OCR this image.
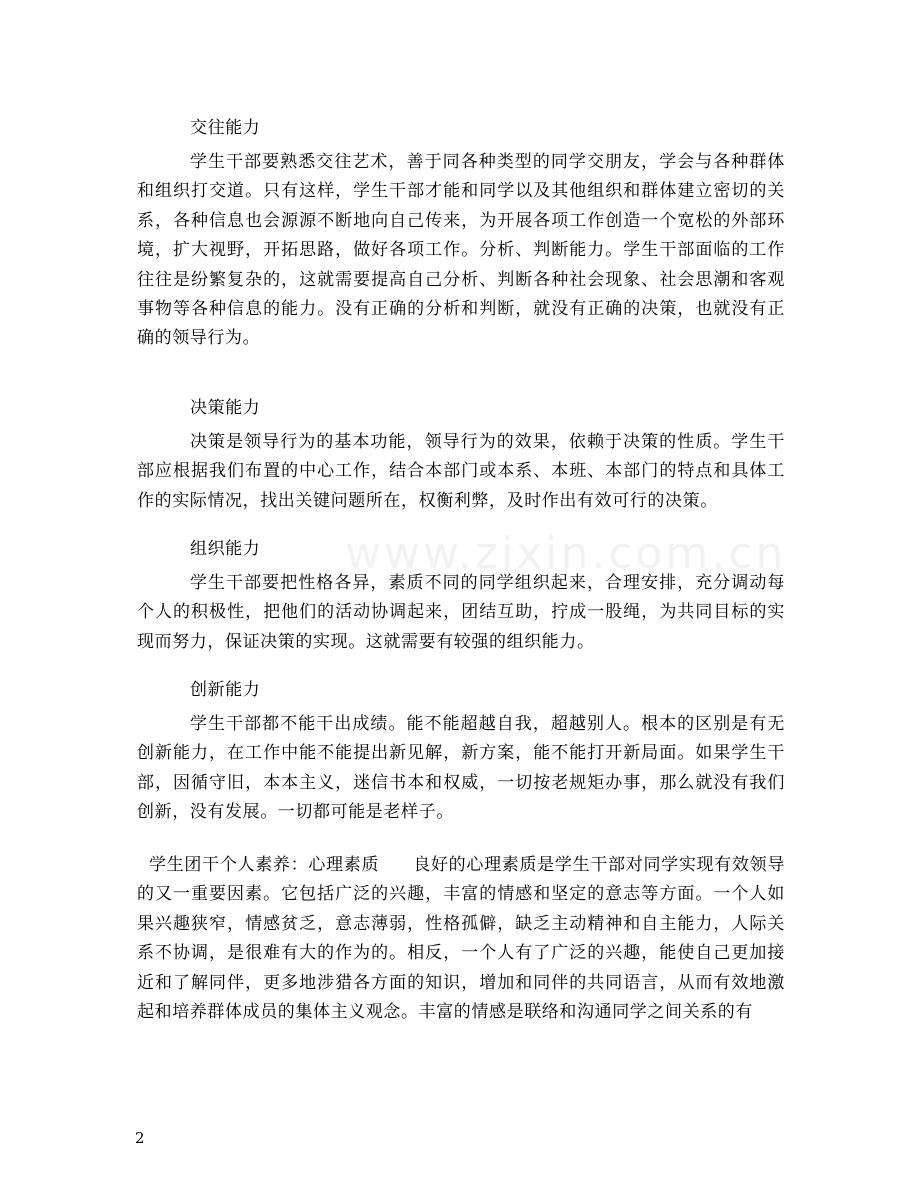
www.zixin.com.cn

交往能力

学生干部要熟悉交往艺术，善于同各种类型的同学交朋友，学会与各种群体和组织打交道。只有这样，学生干部才能和同学以及其他组织和群体建立密切的关系，各种信息也会源源不断地向自己传来，为开展各项工作创造一个宽松的外部环境，扩大视野，开拓思路，做好各项工作。分析、判断能力。学生干部面临的工作往往是纷繁复杂的，这就需要提高自己分析、判断各种社会现象、社会思潮和客观事物等各种信息的能力。没有正确的分析和判断，就没有正确的决策，也就没有正确的领导行为。

决策能力

决策是领导行为的基本功能，领导行为的效果，依赖于决策的性质。学生干部应根据我们布置的中心工作，结合本部门或本系、本班、本部门的特点和具体工作的实际情况，找出关键问题所在，权衡利弊，及时作出有效可行的决策。

组织能力

学生干部要把性格各异，素质不同的同学组织起来，合理安排，充分调动每个人的积极性，把他们的活动协调起来，团结互助，拧成一股绳，为共同目标的实现而努力，保证决策的实现。这就需要有较强的组织能力。

创新能力

学生干部都不能干出成绩。能不能超越自我，超越别人。根本的区别是有无创新能力，在工作中能不能提出新见解，新方案，能不能打开新局面。如果学生干部，因循守旧，本本主义，迷信书本和权威，一切按老规矩办事，那么就没有我们创新，没有发展。一切都可能是老样子。

学生团干个人素养：心理素质 良好的心理素质是学生干部对同学实现有效领导的又一重要因素。它包括广泛的兴趣，丰富的情感和坚定的意志等方面。一个人如果兴趣狭窄，情感贫乏，意志薄弱，性格孤僻，缺乏主动精神和自主能力，人际关系不协调，是很难有大的作为的。相反，一个人有了广泛的兴趣，能使自己更加接近和了解同伴，更多地涉猎各方面的知识，增加和同伴的共同语言，从而有效地激起和培养群体成员的集体主义观念。丰富的情感是联络和沟通同学之间关系的有

2
